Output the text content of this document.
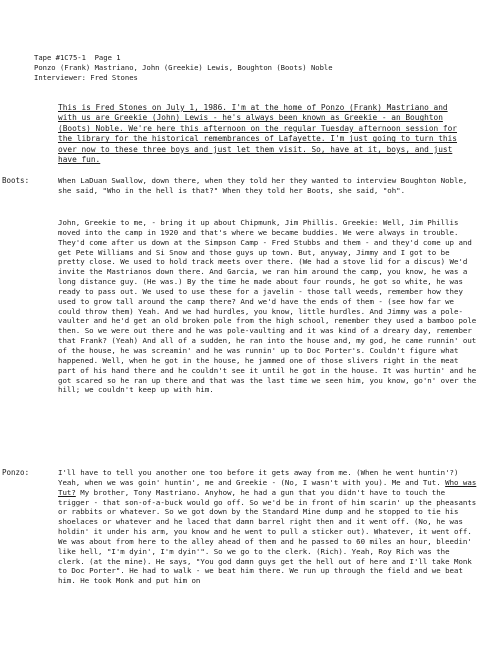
Tape #1C75-1  Page 1
Ponzo (Frank) Mastriano, John (Greekie) Lewis, Boughton (Boots) Noble
Interviewer: Fred Stones
This is Fred Stones on July 1, 1986. I'm at the home of Ponzo (Frank) Mastriano and with us are Greekie (John) Lewis - he's always been known as Greekie - an Boughton (Boots) Noble. We're here this afternoon on the regular Tuesday afternoon session for the library for the historical remembrances of Lafayette. I'm just going to turn this over now to these three boys and just let them visit. So, have at it, boys, and just have fun.
Boots:	When LaDuan Swallow, down there, when they told her they wanted to interview Boughton Noble, she said, "Who in the hell is that?" When they told her Boots, she said, "oh".

John, Greekie to me, - bring it up about Chipmunk, Jim Phillis. Greekie: Well, Jim Phillis moved into the camp in 1920 and that's where we became buddies. We were always in trouble. They'd come after us down at the Simpson Camp - Fred Stubbs and them - and they'd come up and get Pete Williams and Si Snow and those guys up town. But, anyway, Jimmy and I got to be pretty close. We used to hold track meets over there. (We had a stove lid for a discus) We'd invite the Mastrianos down there. And Garcia, we ran him around the camp, you know, he was a long distance guy. (He was.) By the time he made about four rounds, he got so white, he was ready to pass out. We used to use these for a javelin - those tall weeds, remember how they used to grow tall around the camp there? And we'd have the ends of them - (see how far we could throw them) Yeah. And we had hurdles, you know, little hurdles. And Jimmy was a pole-vaulter and he'd get an old broken pole from the high school, remember they used a bamboo pole then. So we were out there and he was pole-vaulting and it was kind of a dreary day, remember that Frank? (Yeah) And all of a sudden, he ran into the house and, my god, he came runnin' out of the house, he was screamin' and he was runnin' up to Doc Porter's. Couldn't figure what happened. Well, when he got in the house, he jammed one of those slivers right in the meat part of his hand there and he couldn't see it until he got in the house. It was hurtin' and he got scared so he ran up there and that was the last time we seen him, you know, go'n' over the hill; we couldn't keep up with him.

Ponzo:	I'll have to tell you another one too before it gets away from me. (When he went huntin'?) Yeah, when we was goin' huntin', me and Greekie - (No, I wasn't with you). Me and Tut. Who was Tut? My brother, Tony Mastriano. Anyhow, he had a gun that you didn't have to touch the trigger - that son-of-a-buck would go off. So we'd be in front of him scarin' up the pheasants or rabbits or whatever. So we got down by the Standard Mine dump and he stopped to tie his shoelaces or whatever and he laced that damn barrel right then and it went off. (No, he was holdin' it under his arm, you know and he went to pull a sticker out). Whatever, it went off. We was about from here to the alley ahead of them and he passed to 60 miles an hour, bleedin' like hell, "I'm dyin', I'm dyin'". So we go to the clerk. (Rich). Yeah, Roy Rich was the clerk. (at the mine). He says, "You god damn guys get the hell out of here and I'll take Monk to Doc Porter". He had to walk - we beat him there. We run up through the field and we beat him. He took Monk and put him on
